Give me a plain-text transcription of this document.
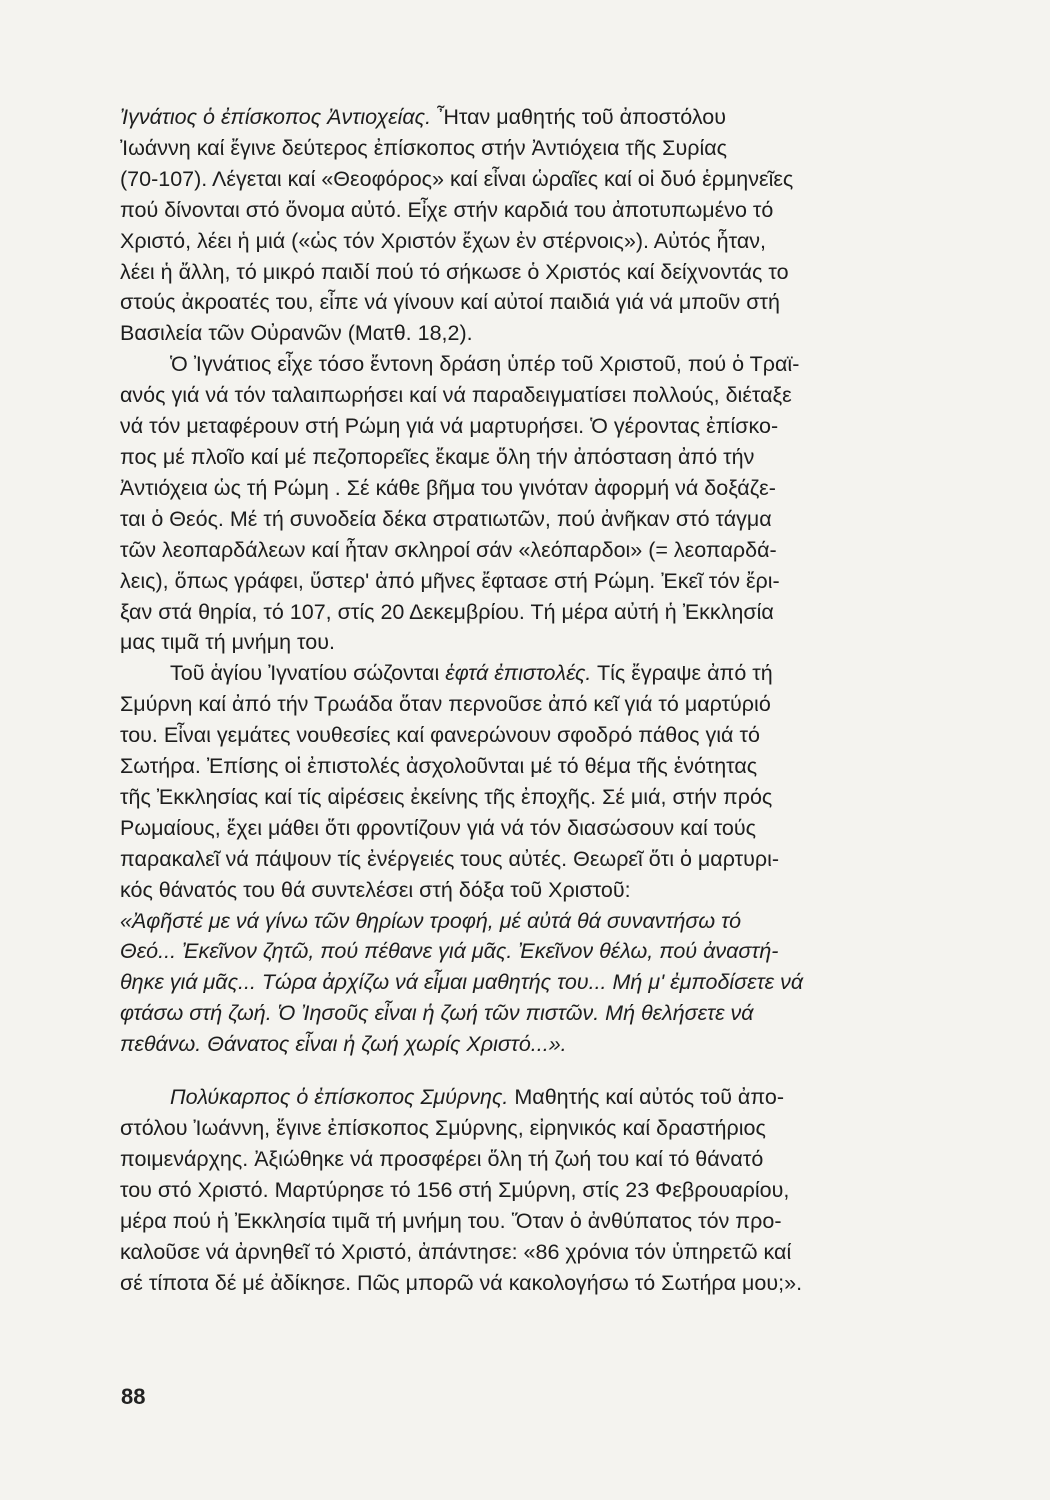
Ἰγνάτιος ὁ ἐπίσκοπος Ἀντιοχείας. Ἦταν μαθητής τοῦ ἀποστόλου
Ἰωάννη καί ἔγινε δεύτερος ἐπίσκοπος στήν Ἀντιόχεια τῆς Συρίας
(70-107). Λέγεται καί «Θεοφόρος» καί εἶναι ὡραῖες καί οἱ δυό ἑρμηνεῖες
πού δίνονται στό ὄνομα αὐτό. Εἶχε στήν καρδιά του ἀποτυπωμένο τό
Χριστό, λέει ἡ μιά («ὡς τόν Χριστόν ἔχων ἐν στέρνοις»). Αὐτός ἦταν,
λέει ἡ ἄλλη, τό μικρό παιδί πού τό σήκωσε ὁ Χριστός καί δείχνοντάς το
στούς ἀκροατές του, εἶπε νά γίνουν καί αὐτοί παιδιά γιά νά μποῦν στή
Βασιλεία τῶν Οὐρανῶν (Ματθ. 18,2).

Ὁ Ἰγνάτιος εἶχε τόσο ἔντονη δράση ὑπέρ τοῦ Χριστοῦ, πού ὁ Τραϊ-
ανός γιά νά τόν ταλαιπωρήσει καί νά παραδειγματίσει πολλούς, διέταξε
νά τόν μεταφέρουν στή Ρώμη γιά νά μαρτυρήσει. Ὁ γέροντας ἐπίσκο-
πος μέ πλοῖο καί μέ πεζοπορεῖες ἔκαμε ὅλη τήν ἀπόσταση ἀπό τήν
Ἀντιόχεια ὡς τή Ρώμη . Σέ κάθε βῆμα του γινόταν ἀφορμή νά δοξάζε-
ται ὁ Θεός. Μέ τή συνοδεία δέκα στρατιωτῶν, πού ἀνῆκαν στό τάγμα
τῶν λεοπαρδάλεων καί ἦταν σκληροί σάν «λεόπαρδοι» (= λεοπαρδά-
λεις), ὅπως γράφει, ὕστερ' ἀπό μῆνες ἔφτασε στή Ρώμη. Ἐκεῖ τόν ἔρι-
ξαν στά θηρία, τό 107, στίς 20 Δεκεμβρίου. Τή μέρα αὐτή ἡ Ἐκκλησία
μας τιμᾶ τή μνήμη του.

Τοῦ ἁγίου Ἰγνατίου σώζονται ἑφτά ἐπιστολές. Τίς ἔγραψε ἀπό τή
Σμύρνη καί ἀπό τήν Τρωάδα ὅταν περνοῦσε ἀπό κεῖ γιά τό μαρτύριό
του. Εἶναι γεμάτες νουθεσίες καί φανερώνουν σφοδρό πάθος γιά τό
Σωτήρα. Ἐπίσης οἱ ἐπιστολές ἀσχολοῦνται μέ τό θέμα τῆς ἑνότητας
τῆς Ἐκκλησίας καί τίς αἱρέσεις ἐκείνης τῆς ἐποχῆς. Σέ μιά, στήν πρός
Ρωμαίους, ἔχει μάθει ὅτι φροντίζουν γιά νά τόν διασώσουν καί τούς
παρακαλεῖ νά πάψουν τίς ἐνέργειές τους αὐτές. Θεωρεῖ ὅτι ὁ μαρτυρι-
κός θάνατός του θά συντελέσει στή δόξα τοῦ Χριστοῦ:
«Ἀφῆστέ με νά γίνω τῶν θηρίων τροφή, μέ αὐτά θά συναντήσω τό
Θεό... Ἐκεῖνον ζητῶ, πού πέθανε γιά μᾶς. Ἐκεῖνον θέλω, πού ἀναστή-
θηκε γιά μᾶς... Τώρα ἀρχίζω νά εἶμαι μαθητής του... Μή μ' ἐμποδίσετε νά
φτάσω στή ζωή. Ὁ Ἰησοῦς εἶναι ἡ ζωή τῶν πιστῶν. Μή θελήσετε νά
πεθάνω. Θάνατος εἶναι ἡ ζωή χωρίς Χριστό...».

Πολύκαρπος ὁ ἐπίσκοπος Σμύρνης. Μαθητής καί αὐτός τοῦ ἀπο-
στόλου Ἰωάννη, ἔγινε ἐπίσκοπος Σμύρνης, εἰρηνικός καί δραστήριος
ποιμενάρχης. Ἀξιώθηκε νά προσφέρει ὅλη τή ζωή του καί τό θάνατό
του στό Χριστό. Μαρτύρησε τό 156 στή Σμύρνη, στίς 23 Φεβρουαρίου,
μέρα πού ἡ Ἐκκλησία τιμᾶ τή μνήμη του. Ὅταν ὁ ἀνθύπατος τόν προ-
καλοῦσε νά ἀρνηθεῖ τό Χριστό, ἀπάντησε: «86 χρόνια τόν ὑπηρετῶ καί
σέ τίποτα δέ μέ ἀδίκησε. Πῶς μπορῶ νά κακολογήσω τό Σωτήρα μου;».

88
